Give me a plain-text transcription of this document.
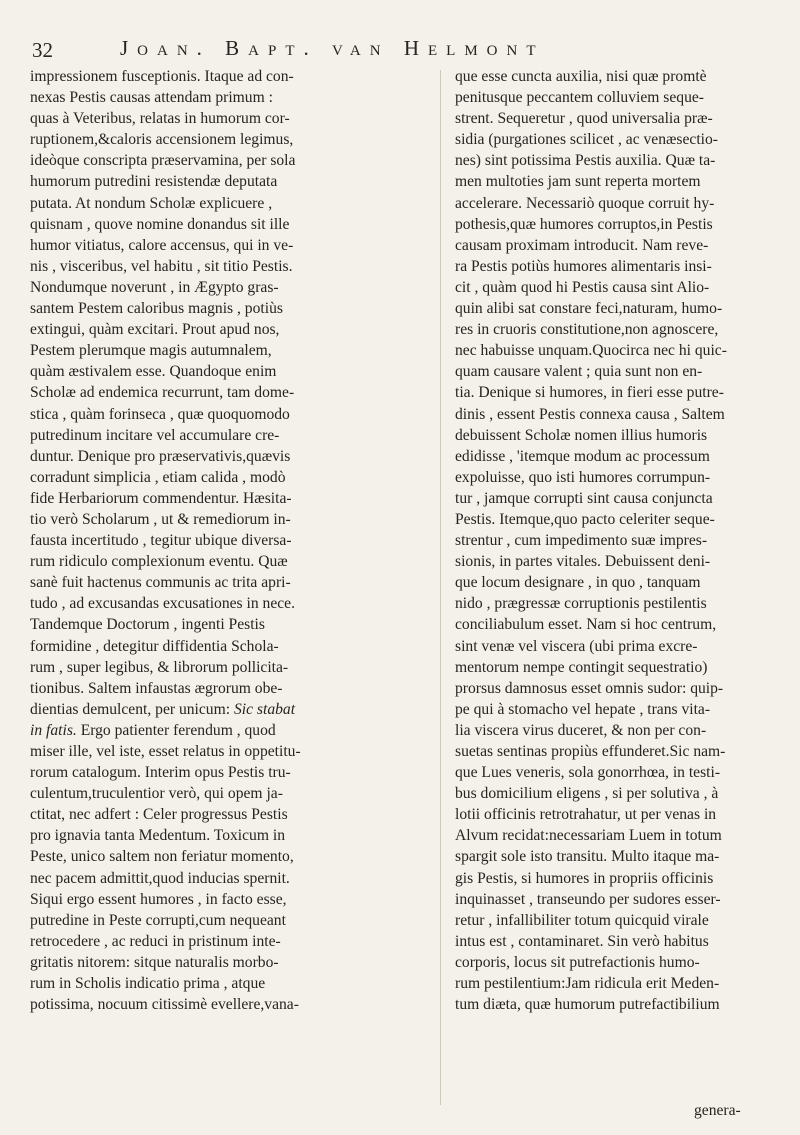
32	Joan. Bapt. van Helmont
impressionem fusceptionis. Itaque ad con-
nexas Pestis causas attendam primum :
quas à Veteribus, relatas in humorum cor-
ruptionem,&caloris accensionem legimus,
ideòque conscripta præservamina, per sola
humorum putredini resistendæ deputata
putata. At nondum Scholæ explicuere ,
quisnam , quove nomine donandus sit ille
humor vitiatus, calore accensus, qui in ve-
nis , visceribus, vel habitu , sit titio Pestis.
Nondumque noverunt , in Ægypto gras-
santem Pestem caloribus magnis , potiùs
extingui, quàm excitari. Prout apud nos,
Pestem plerumque magis autumnalem,
quàm æstivalem esse. Quandoque enim
Scholæ ad endemica recurrunt, tam dome-
stica , quàm forinseca , quæ quoquomodo
putredinum incitare vel accumulare cre-
duntur. Denique pro præservativis,quævis
corradunt simplicia , etiam calida , modò
fide Herbariorum commendentur. Hæsita-
tio verò Scholarum , ut & remediorum in-
fausta incertitudo , tegitur ubique diversa-
rum ridiculo complexionum eventu. Quæ
sanè fuit hactenus communis ac trita apri-
tudo , ad excusandas excusationes in nece.
Tandemque Doctorum , ingenti Pestis
formidine , detegitur diffidentia Schola-
rum , super legibus, & librorum pollicita-
tionibus. Saltem infaustas ægrorum obe-
dientias demulcent, per unicum: Sic stabat
in fatis. Ergo patienter ferendum , quod
miser ille, vel iste, esset relatus in oppetitu-
rorum catalogum. Interim opus Pestis tru-
culentum,truculentior verò, qui opem ja-
ctitat, nec adfert : Celer progressus Pestis
pro ignavia tanta Medentum. Toxicum in
Peste, unico saltem non feriatur momento,
nec pacem admittit,quod inducias spernit.
Siqui ergo essent humores , in facto esse,
putredine in Peste corrupti,cum nequeant
retrocedere , ac reduci in pristinum inte-
gritatis nitorem: sitque naturalis morbo-
rum in Scholis indicatio prima , atque
potissima, nocuum citissimè evellere,vana-
que esse cuncta auxilia, nisi quæ promtè
penitusque peccantem colluviem seque-
strent. Sequeretur , quod universalia præ-
sidia (purgationes scilicet , ac venæsectio-
nes) sint potissima Pestis auxilia. Quæ ta-
men multoties jam sunt reperta mortem
accelerare. Necessariò quoque corruit hy-
pothesis,quæ humores corruptos,in Pestis
causam proximam introducit. Nam reve-
ra Pestis potiùs humores alimentaris insi-
cit , quàm quod hi Pestis causa sint Alio-
quin alibi sat constare feci,naturam, humo-
res in cruoris constitutione,non agnoscere,
nec habuisse unquam.Quocirca nec hi quic-
quam causare valent ; quia sunt non en-
tia. Denique si humores, in fieri esse putre-
dinis , essent Pestis connexa causa , Saltem
debuissent Scholæ nomen illius humoris
edidisse , 'itemque modum ac processum
expoluisse, quo isti humores corrumpun-
tur , jamque corrupti sint causa conjuncta
Pestis. Itemque,quo pacto celeriter seque-
strentur , cum impedimento suæ impres-
sionis, in partes vitales. Debuissent deni-
que locum designare , in quo , tanquam
nido , prægressæ corruptionis pestilentis
conciliabulum esset. Nam si hoc centrum,
sint venæ vel viscera (ubi prima excre-
mentorum nempe contingit sequestratio)
prorsus damnosus esset omnis sudor: quip-
pe qui à stomacho vel hepate , trans vita-
lia viscera virus duceret, & non per con-
suetas sentinas propiùs effunderet.Sic nam-
que Lues veneris, sola gonorrhœa, in testi-
bus domicilium eligens , si per solutiva , à
lotii officinis retrotrahatur, ut per venas in
Alvum recidat:necessariam Luem in totum
spargit sole isto transitu. Multo itaque ma-
gis Pestis, si humores in propriis officinis
inquinasset , transeundo per sudores esser-
retur , infallibiliter totum quicquid virale
intus est , contaminaret. Sin verò habitus
corporis, locus sit putrefactionis humo-
rum pestilentium:Jam ridicula erit Meden-
tum diæta, quæ humorum putrefactibilium
genera-
